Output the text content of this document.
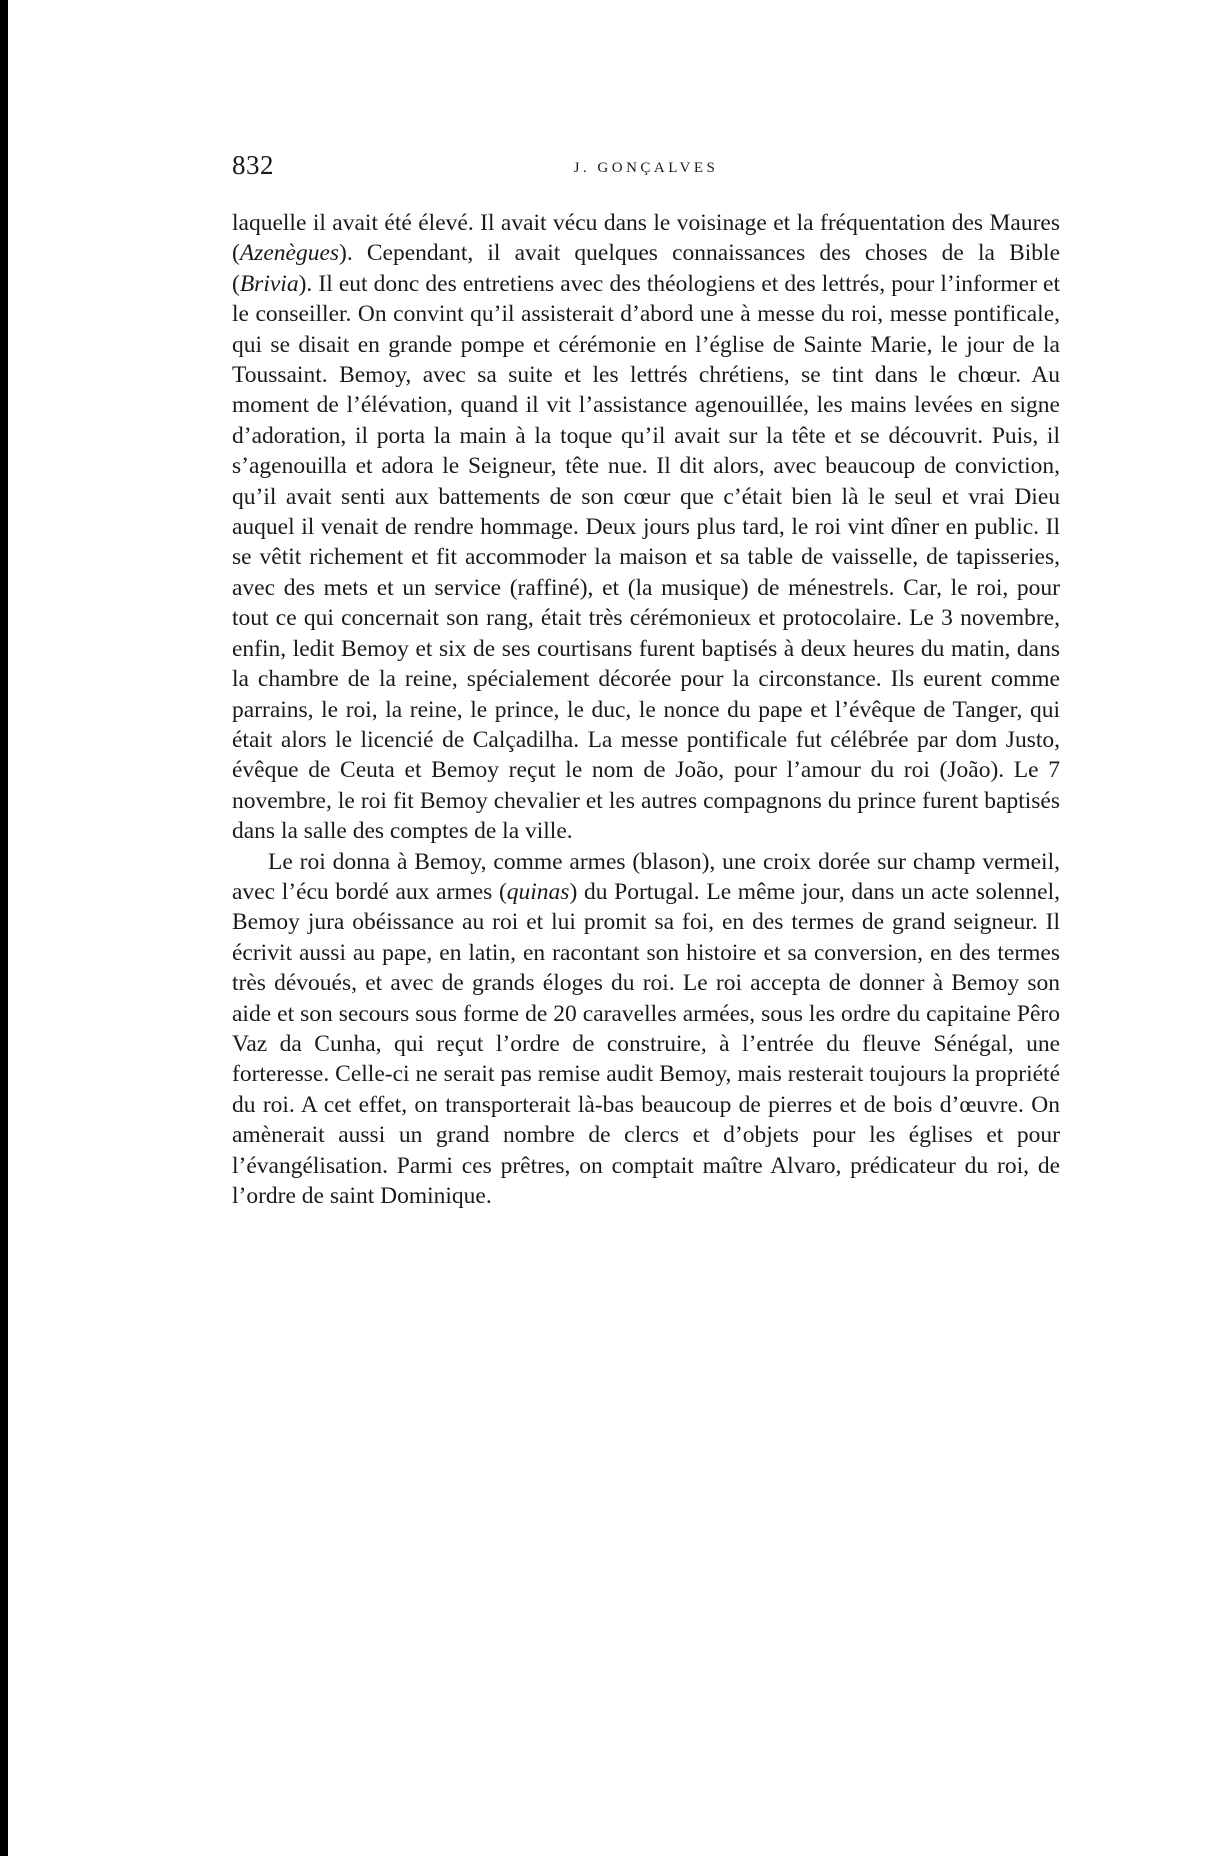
832	J. GONÇALVES

laquelle il avait été élevé. Il avait vécu dans le voisinage et la fréquentation des Maures (Azenègues). Cependant, il avait quelques connaissances des choses de la Bible (Brivia). Il eut donc des entretiens avec des théologiens et des lettrés, pour l’informer et le conseiller. On convint qu’il assisterait d’abord une à messe du roi, messe pontificale, qui se disait en grande pompe et cérémonie en l’église de Sainte Marie, le jour de la Toussaint. Bemoy, avec sa suite et les lettrés chrétiens, se tint dans le chœur. Au moment de l’élévation, quand il vit l’assistance agenouillée, les mains levées en signe d’adoration, il porta la main à la toque qu’il avait sur la tête et se découvrit. Puis, il s’agenouilla et adora le Seigneur, tête nue. Il dit alors, avec beaucoup de conviction, qu’il avait senti aux battements de son cœur que c’était bien là le seul et vrai Dieu auquel il venait de rendre hommage. Deux jours plus tard, le roi vint dîner en public. Il se vêtit richement et fit accommoder la maison et sa table de vaisselle, de tapisseries, avec des mets et un service (raffiné), et (la musique) de ménestrels. Car, le roi, pour tout ce qui concernait son rang, était très cérémonieux et protocolaire. Le 3 novembre, enfin, ledit Bemoy et six de ses courtisans furent baptisés à deux heures du matin, dans la chambre de la reine, spécialement décorée pour la circonstance. Ils eurent comme parrains, le roi, la reine, le prince, le duc, le nonce du pape et l’évêque de Tanger, qui était alors le licencié de Calçadilha. La messe pontificale fut célébrée par dom Justo, évêque de Ceuta et Bemoy reçut le nom de João, pour l’amour du roi (João). Le 7 novembre, le roi fit Bemoy chevalier et les autres compagnons du prince furent baptisés dans la salle des comptes de la ville.

Le roi donna à Bemoy, comme armes (blason), une croix dorée sur champ vermeil, avec l’écu bordé aux armes (quinas) du Portugal. Le même jour, dans un acte solennel, Bemoy jura obéissance au roi et lui promit sa foi, en des termes de grand seigneur. Il écrivit aussi au pape, en latin, en racontant son histoire et sa conversion, en des termes très dévoués, et avec de grands éloges du roi. Le roi accepta de donner à Bemoy son aide et son secours sous forme de 20 caravelles armées, sous les ordre du capitaine Pêro Vaz da Cunha, qui reçut l’ordre de construire, à l’entrée du fleuve Sénégal, une forteresse. Celle-ci ne serait pas remise audit Bemoy, mais resterait toujours la propriété du roi. A cet effet, on transporterait là-bas beaucoup de pierres et de bois d’œuvre. On amènerait aussi un grand nombre de clercs et d’objets pour les églises et pour l’évangélisation. Parmi ces prêtres, on comptait maître Alvaro, prédicateur du roi, de l’ordre de saint Dominique.
